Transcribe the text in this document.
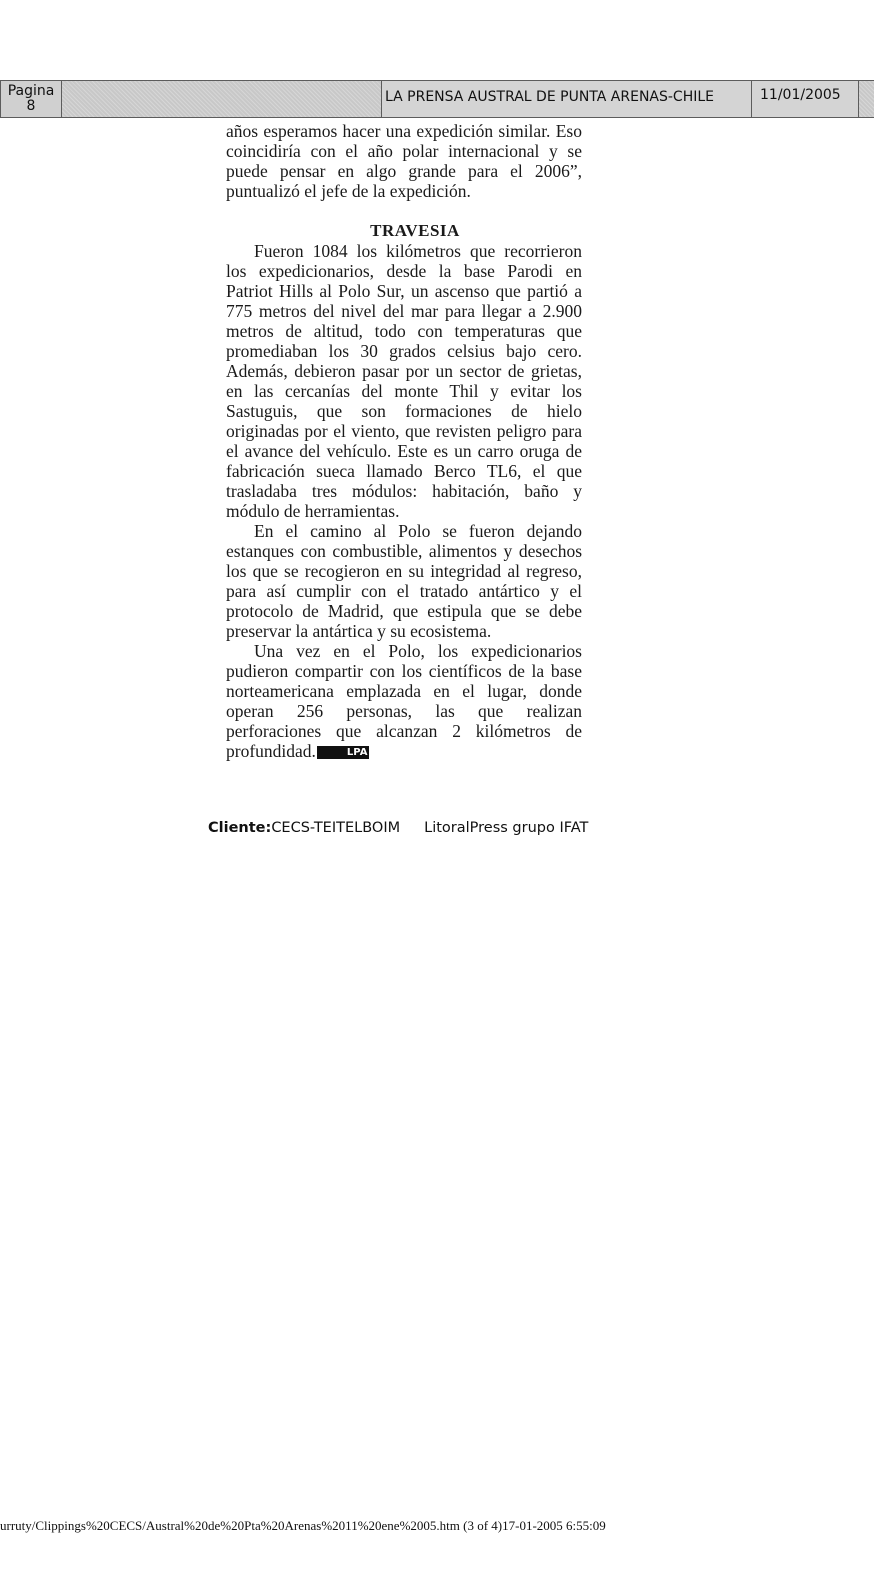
Pagina
8
LA PRENSA AUSTRAL DE PUNTA ARENAS-CHILE	11/01/2005

años esperamos hacer una expedición similar. Eso coincidiría con el año polar internacional y se puede pensar en algo grande para el 2006”, puntualizó el jefe de la expedición.

TRAVESIA

Fueron 1084 los kilómetros que recorrieron los expedicionarios, desde la base Parodi en Patriot Hills al Polo Sur, un ascenso que partió a 775 metros del nivel del mar para llegar a 2.900 metros de altitud, todo con temperaturas que promediaban los 30 grados celsius bajo cero. Además, debieron pasar por un sector de grietas, en las cercanías del monte Thil y evitar los Sastuguis, que son formaciones de hielo originadas por el viento, que revisten peligro para el avance del vehículo. Este es un carro oruga de fabricación sueca llamado Berco TL6, el que trasladaba tres módulos: habitación, baño y módulo de herramientas.

En el camino al Polo se fueron dejando estanques con combustible, alimentos y desechos los que se recogieron en su integridad al regreso, para así cumplir con el tratado antártico y el protocolo de Madrid, que estipula que se debe preservar la antártica y su ecosistema.

Una vez en el Polo, los expedicionarios pudieron compartir con los científicos de la base norteamericana emplazada en el lugar, donde operan 256 personas, las que realizan perforaciones que alcanzan 2 kilómetros de profundidad.	LPA

Cliente:CECS-TEITELBOIM LitoralPress grupo IFAT
urruty/Clippings%20CECS/Austral%20de%20Pta%20Arenas%2011%20ene%2005.htm (3 of 4)17-01-2005 6:55:09
